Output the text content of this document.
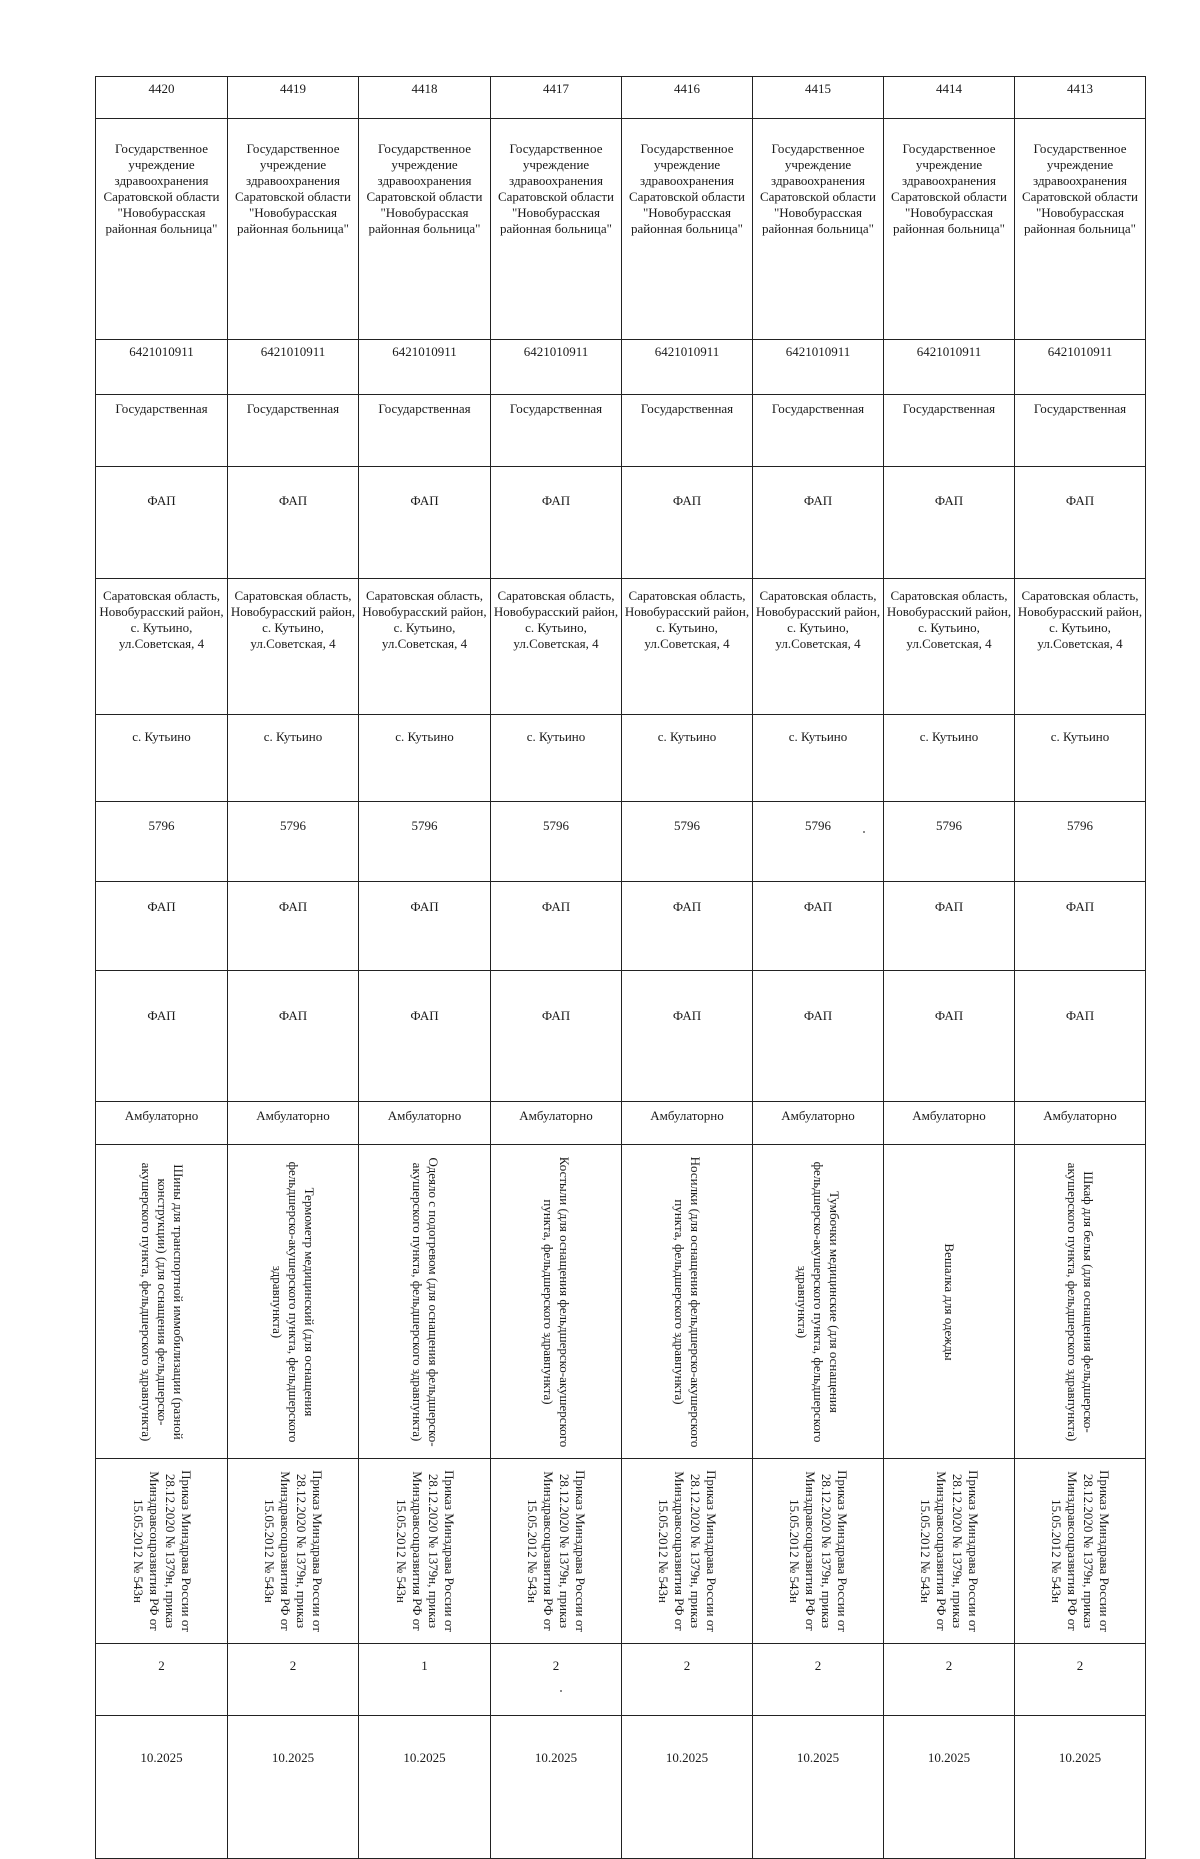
4420	4419	4418	4417	4416	4415	4414	4413
Государственное учреждение здравоохранения Саратовской области "Новобурасская районная больница"	Государственное учреждение здравоохранения Саратовской области "Новобурасская районная больница"	Государственное учреждение здравоохранения Саратовской области "Новобурасская районная больница"	Государственное учреждение здравоохранения Саратовской области "Новобурасская районная больница"	Государственное учреждение здравоохранения Саратовской области "Новобурасская районная больница"	Государственное учреждение здравоохранения Саратовской области "Новобурасская районная больница"	Государственное учреждение здравоохранения Саратовской области "Новобурасская районная больница"	Государственное учреждение здравоохранения Саратовской области "Новобурасская районная больница"
6421010911	6421010911	6421010911	6421010911	6421010911	6421010911	6421010911	6421010911
Государственная	Государственная	Государственная	Государственная	Государственная	Государственная	Государственная	Государственная
ФАП	ФАП	ФАП	ФАП	ФАП	ФАП	ФАП	ФАП
Саратовская область, Новобурасский район, с. Кутьино, ул.Советская, 4	Саратовская область, Новобурасский район, с. Кутьино, ул.Советская, 4	Саратовская область, Новобурасский район, с. Кутьино, ул.Советская, 4	Саратовская область, Новобурасский район, с. Кутьино, ул.Советская, 4	Саратовская область, Новобурасский район, с. Кутьино, ул.Советская, 4	Саратовская область, Новобурасский район, с. Кутьино, ул.Советская, 4	Саратовская область, Новобурасский район, с. Кутьино, ул.Советская, 4	Саратовская область, Новобурасский район, с. Кутьино, ул.Советская, 4
с. Кутьино	с. Кутьино	с. Кутьино	с. Кутьино	с. Кутьино	с. Кутьино	с. Кутьино	с. Кутьино
5796	5796	5796	5796	5796	5796	5796	5796
ФАП	ФАП	ФАП	ФАП	ФАП	ФАП	ФАП	ФАП
ФАП	ФАП	ФАП	ФАП	ФАП	ФАП	ФАП	ФАП
Амбулаторно	Амбулаторно	Амбулаторно	Амбулаторно	Амбулаторно	Амбулаторно	Амбулаторно	Амбулаторно

Шины для транспортной иммобилизации (разной конструкции) (для оснащения фельдшерско-акушерского пункта, фельдшерского здравпункта)	Термометр медицинский (для оснащения фельдшерско-акушерского пункта, фельдшерского здравпункта)	Одеяло с подогревом (для оснащения фельдшерско-акушерского пункта, фельдшерского здравпункта)	Костыли (для оснащения фельдшерско-акушерского пункта, фельдшерского здравпункта)	Носилки (для оснащения фельдшерско-акушерского пункта, фельдшерского здравпункта)	Тумбочки медицинские (для оснащения фельдшерско-акушерского пункта, фельдшерского здравпункта)	Вешалка для одежды	Шкаф для белья (для оснащения фельдшерско-акушерского пункта, фельдшерского здравпункта)

Приказ Минздрава России от 28.12.2020 № 1379н, приказ Минздравсоцразвития РФ от 15.05.2012 № 543н	Приказ Минздрава России от 28.12.2020 № 1379н, приказ Минздравсоцразвития РФ от 15.05.2012 № 543н	Приказ Минздрава России от 28.12.2020 № 1379н, приказ Минздравсоцразвития РФ от 15.05.2012 № 543н	Приказ Минздрава России от 28.12.2020 № 1379н, приказ Минздравсоцразвития РФ от 15.05.2012 № 543н	Приказ Минздрава России от 28.12.2020 № 1379н, приказ Минздравсоцразвития РФ от 15.05.2012 № 543н	Приказ Минздрава России от 28.12.2020 № 1379н, приказ Минздравсоцразвития РФ от 15.05.2012 № 543н	Приказ Минздрава России от 28.12.2020 № 1379н, приказ Минздравсоцразвития РФ от 15.05.2012 № 543н	Приказ Минздрава России от 28.12.2020 № 1379н, приказ Минздравсоцразвития РФ от 15.05.2012 № 543н

2	2	1	2	2	2	2	2
10.2025	10.2025	10.2025	10.2025	10.2025	10.2025	10.2025	10.2025
